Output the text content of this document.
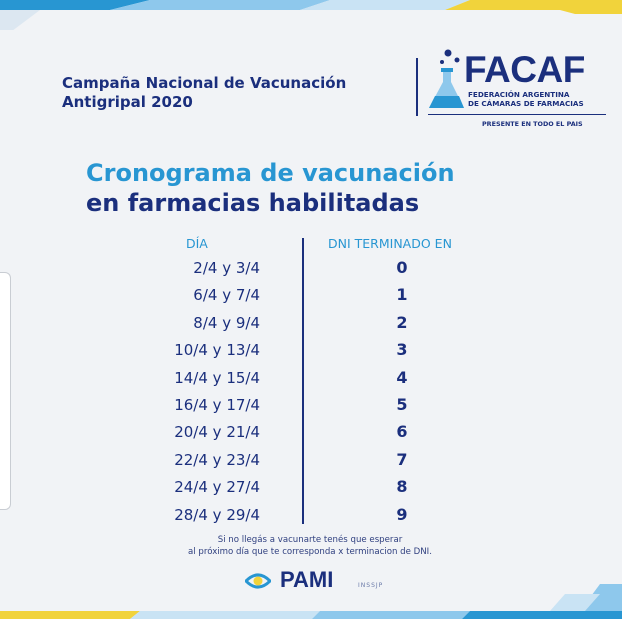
Campaña Nacional de Vacunación
Antigripal 2020
FACAF
FEDERACIÓN ARGENTINA
DE CÁMARAS DE FARMACIAS
PRESENTE EN TODO EL PAIS
Cronograma de vacunación
en farmacias habilitadas
DÍA	DNI TERMINADO EN
2/4 y 3/4	0
6/4 y 7/4	1
8/4 y 9/4	2
10/4 y 13/4	3
14/4 y 15/4	4
16/4 y 17/4	5
20/4 y 21/4	6
22/4 y 23/4	7
24/4 y 27/4	8
28/4 y 29/4	9

Si no llegás a vacunarte tenés que esperar
al próximo día que te corresponda x terminacion de DNI.

PAMI	INSSJP
